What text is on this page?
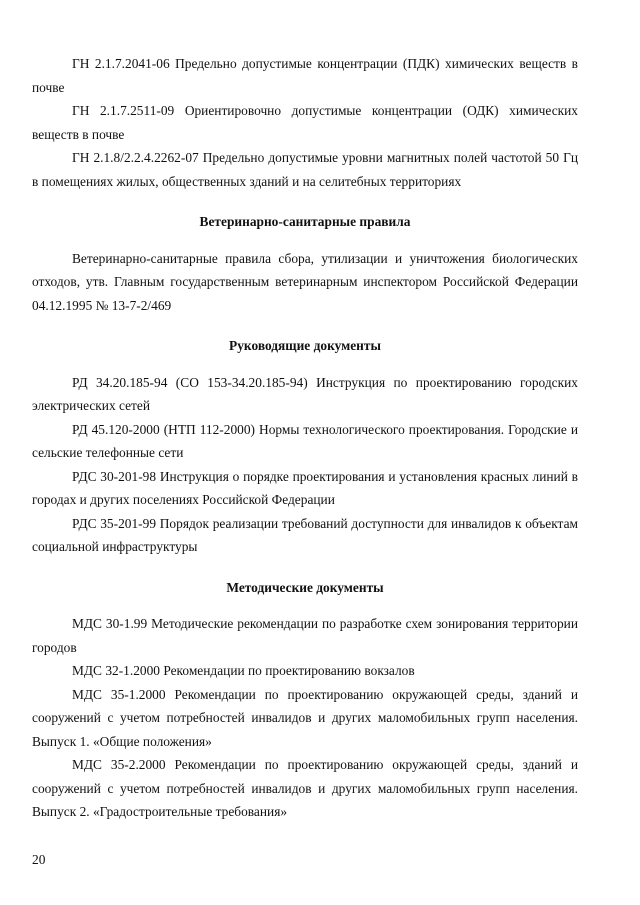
ГН 2.1.7.2041-06 Предельно допустимые концентрации (ПДК) химических веществ в почве

ГН 2.1.7.2511-09 Ориентировочно допустимые концентрации (ОДК) химических веществ в почве

ГН 2.1.8/2.2.4.2262-07 Предельно допустимые уровни магнитных полей частотой 50 Гц в помещениях жилых, общественных зданий и на селитебных территориях

Ветеринарно-санитарные правила

Ветеринарно-санитарные правила сбора, утилизации и уничтожения биологических отходов, утв. Главным государственным ветеринарным инспектором Российской Федерации 04.12.1995 № 13-7-2/469

Руководящие документы

РД 34.20.185-94 (СО 153-34.20.185-94) Инструкция по проектированию городских электрических сетей

РД 45.120-2000 (НТП 112-2000) Нормы технологического проектирования. Городские и сельские телефонные сети

РДС 30-201-98 Инструкция о порядке проектирования и установления красных линий в городах и других поселениях Российской Федерации

РДС 35-201-99 Порядок реализации требований доступности для инвалидов к объектам социальной инфраструктуры

Методические документы

МДС 30-1.99 Методические рекомендации по разработке схем зонирования территории городов

МДС 32-1.2000 Рекомендации по проектированию вокзалов

МДС 35-1.2000 Рекомендации по проектированию окружающей среды, зданий и сооружений с учетом потребностей инвалидов и других маломобильных групп населения. Выпуск 1. «Общие положения»

МДС 35-2.2000 Рекомендации по проектированию окружающей среды, зданий и сооружений с учетом потребностей инвалидов и других маломобильных групп населения. Выпуск 2. «Градостроительные требования»

20
